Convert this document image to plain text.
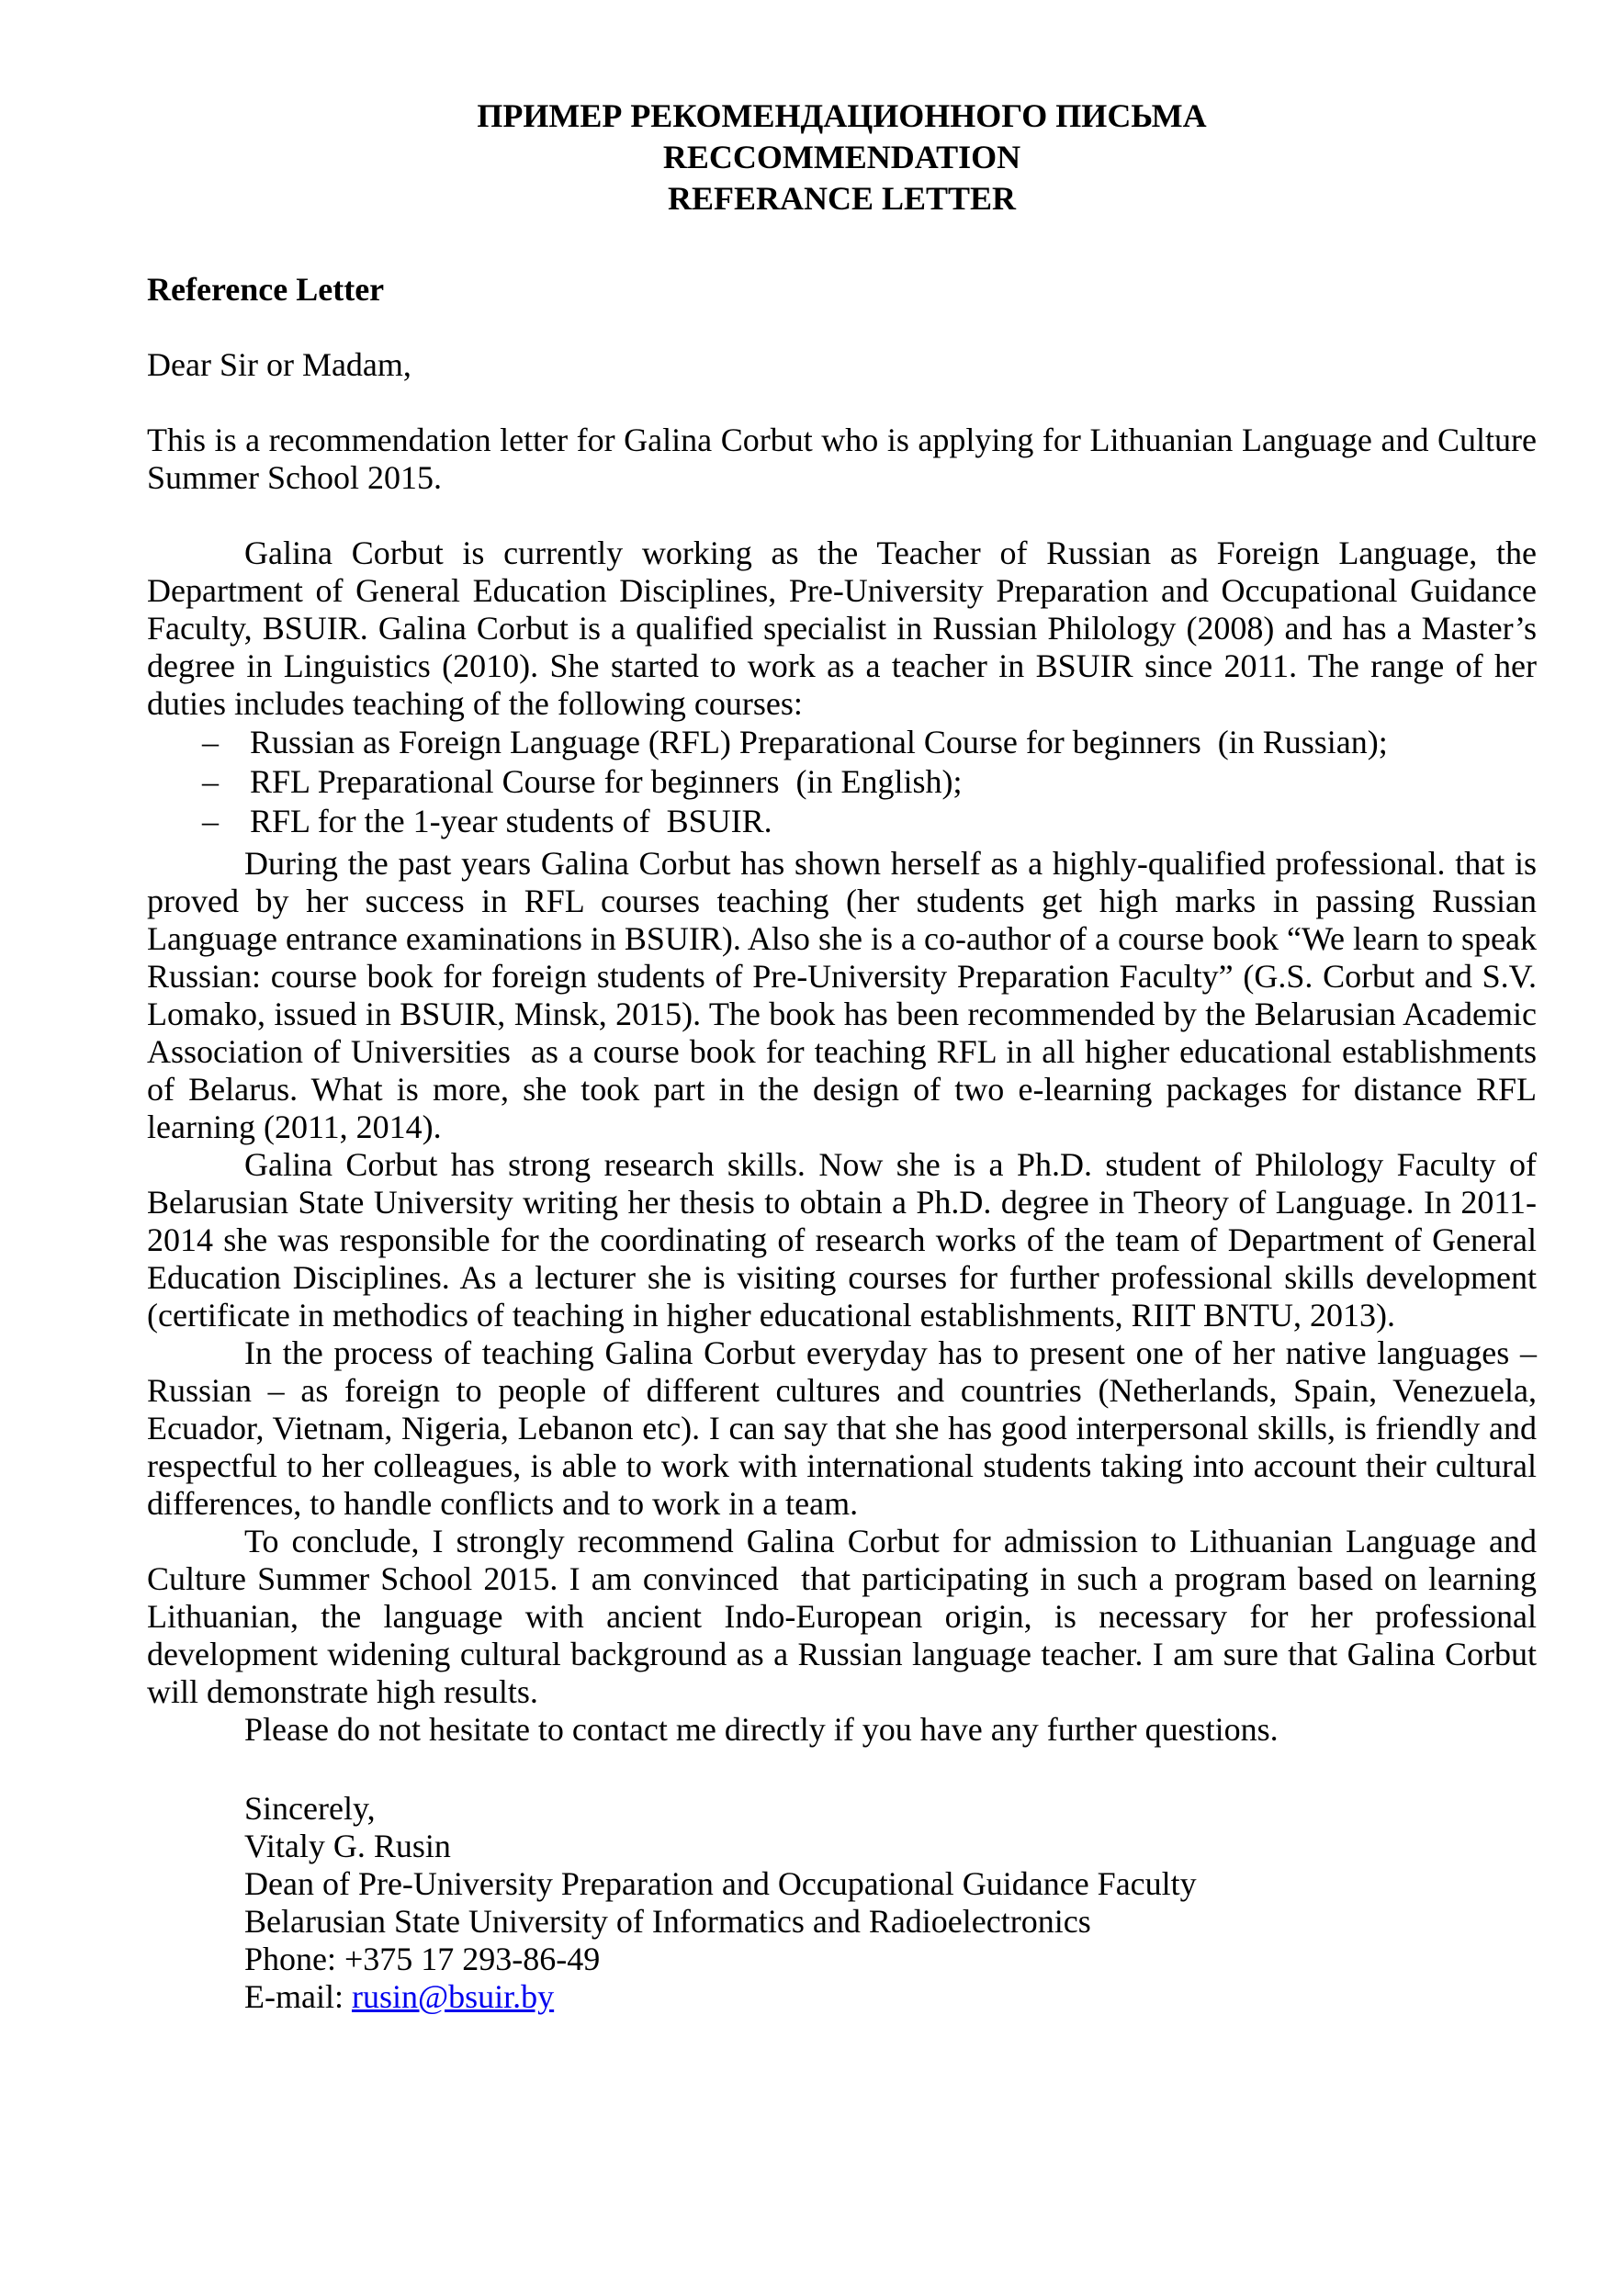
ПРИМЕР РЕКОМЕНДАЦИОННОГО ПИСЬМА

RECCOMMENDATION

REFERANCE LETTER

Reference Letter

Dear Sir or Madam,

This is a recommendation letter for Galina Corbut who is applying for Lithuanian Language and Culture Summer School 2015.

Galina Corbut is currently working as the Teacher of Russian as Foreign Language, the Department of General Education Disciplines, Pre-University Preparation and Occupational Guidance Faculty, BSUIR. Galina Corbut is a qualified specialist in Russian Philology (2008) and has a Master’s degree in Linguistics (2010). She started to work as a teacher in BSUIR since 2011. The range of her duties includes teaching of the following courses:

– Russian as Foreign Language (RFL) Preparational Course for beginners  (in Russian);
– RFL Preparational Course for beginners  (in English);
– RFL for the 1-year students of  BSUIR.

During the past years Galina Corbut has shown herself as a highly-qualified professional. that is proved by her success in RFL courses teaching (her students get high marks in passing Russian Language entrance examinations in BSUIR). Also she is a co-author of a course book “We learn to speak Russian: course book for foreign students of Pre-University Preparation Faculty” (G.S. Corbut and S.V. Lomako, issued in BSUIR, Minsk, 2015). The book has been recommended by the Belarusian Academic Association of Universities  as a course book for teaching RFL in all higher educational establishments of Belarus. What is more, she took part in the design of two e-learning packages for distance RFL learning (2011, 2014).

Galina Corbut has strong research skills. Now she is a Ph.D. student of Philology Faculty of Belarusian State University writing her thesis to obtain a Ph.D. degree in Theory of Language. In 2011-2014 she was responsible for the coordinating of research works of the team of Department of General Education Disciplines. As a lecturer she is visiting courses for further professional skills development (certificate in methodics of teaching in higher educational establishments, RIIT BNTU, 2013).

In the process of teaching Galina Corbut everyday has to present one of her native languages – Russian – as foreign to people of different cultures and countries (Netherlands, Spain, Venezuela, Ecuador, Vietnam, Nigeria, Lebanon etc). I can say that she has good interpersonal skills, is friendly and respectful to her colleagues, is able to work with international students taking into account their cultural differences, to handle conflicts and to work in a team.

To conclude, I strongly recommend Galina Corbut for admission to Lithuanian Language and Culture Summer School 2015. I am convinced  that participating in such a program based on learning Lithuanian, the language with ancient Indo-European origin, is necessary for her professional development widening cultural background as a Russian language teacher. I am sure that Galina Corbut will demonstrate high results.

Please do not hesitate to contact me directly if you have any further questions.

Sincerely,

Vitaly G. Rusin

Dean of Pre-University Preparation and Occupational Guidance Faculty

Belarusian State University of Informatics and Radioelectronics

Phone: +375 17 293-86-49

E-mail: rusin@bsuir.by
